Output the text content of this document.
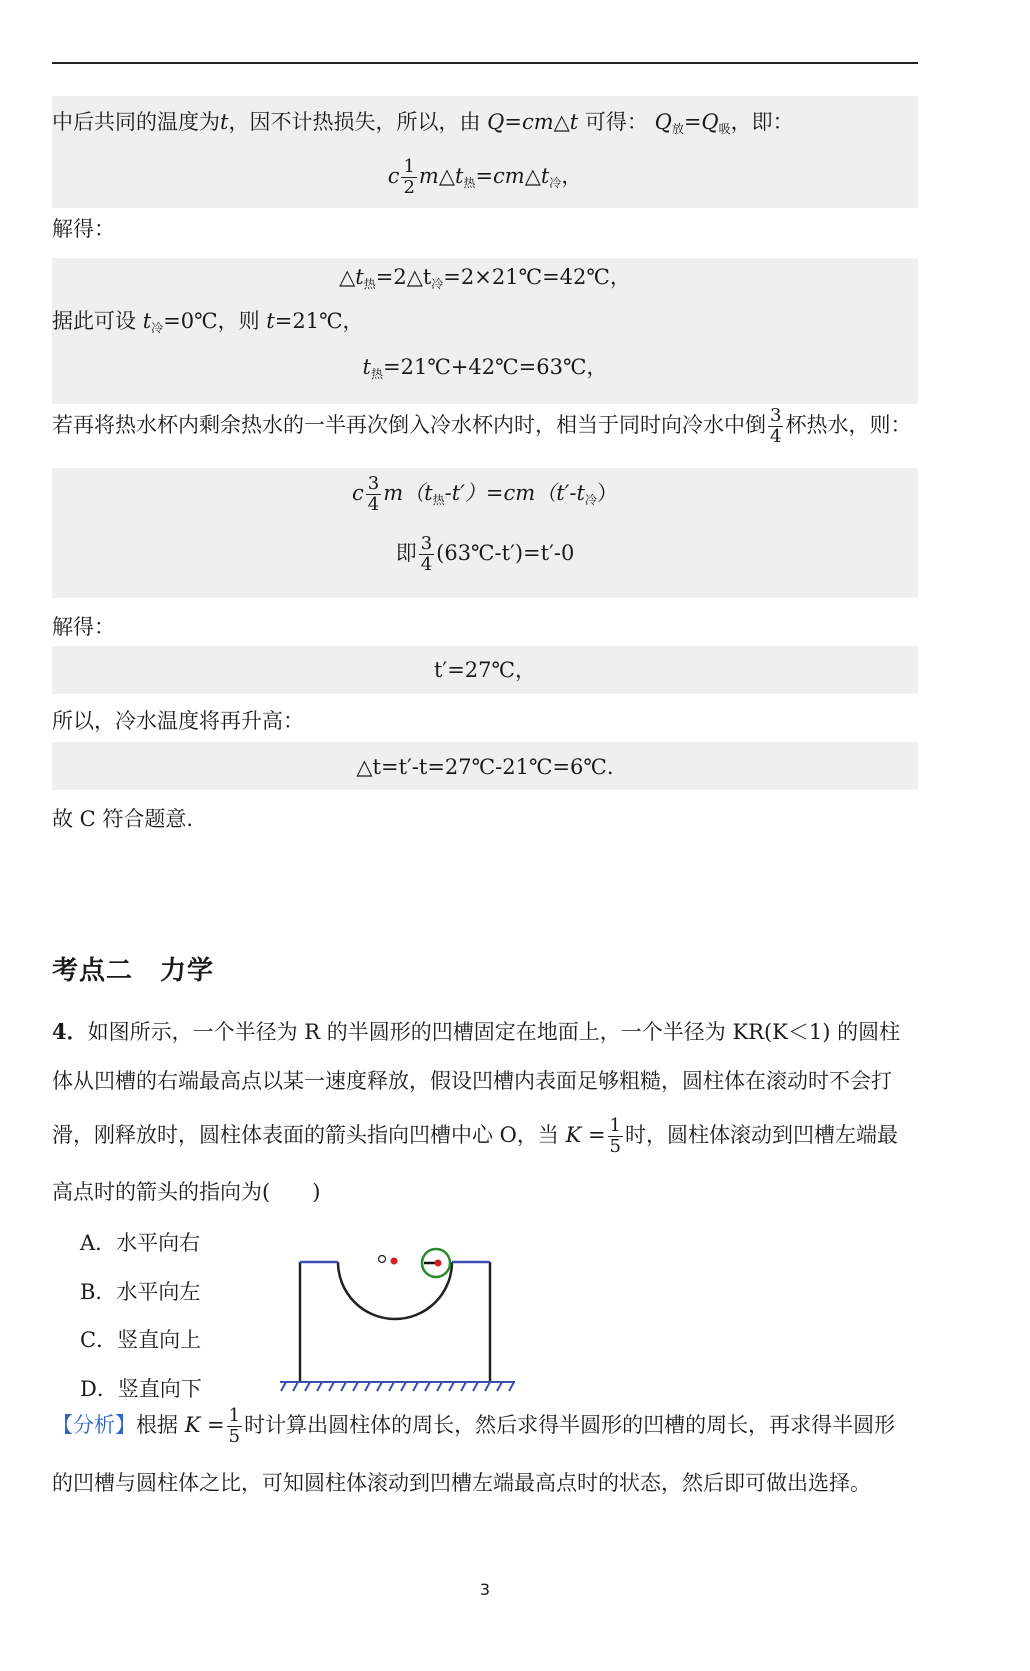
中后共同的温度为t，因不计热损失，所以，由 Q=cm△t 可得： $Q_放=Q_吸$，即：
c $\frac{1}{2}$ $m\triangle t_热=cm\triangle t_冷$，
解得：
$\triangle t_热=2\triangle t_冷=2\times 21℃=42℃$，
据此可设 $t_冷=0℃$，则 t=21℃，
$t_热=21℃+42℃=63℃$，
若再将热水杯内剩余热水的一半再次倒入冷水杯内时，相当于同时向冷水中倒 $\frac{3}{4}$ 杯热水，则：
c $\frac{3}{4} m(t_热-t')=cm(t'-t_冷)$
即 $\frac{3}{4}$ (63℃-t′)=t′-0
解得：
t′=27℃，
所以，冷水温度将再升高：
△t=t′-t=27℃-21℃=6℃.
故 C 符合题意.
考点二　力学
4．如图所示，一个半径为 R 的半圆形的凹槽固定在地面上，一个半径为 KR(K＜1) 的圆柱
体从凹槽的右端最高点以某一速度释放，假设凹槽内表面足够粗糙，圆柱体在滚动时不会打
滑，刚释放时，圆柱体表面的箭头指向凹槽中心 O，当 $K = \frac{1}{5}$ 时，圆柱体滚动到凹槽左端最
高点时的箭头的指向为(　　)
A．水平向右
B．水平向左
C．竖直向上
D．竖直向下
【分析】根据 $K = \frac{1}{5}$ 时计算出圆柱体的周长，然后求得半圆形的凹槽的周长，再求得半圆形
的凹槽与圆柱体之比，可知圆柱体滚动到凹槽左端最高点时的状态，然后即可做出选择。
3
